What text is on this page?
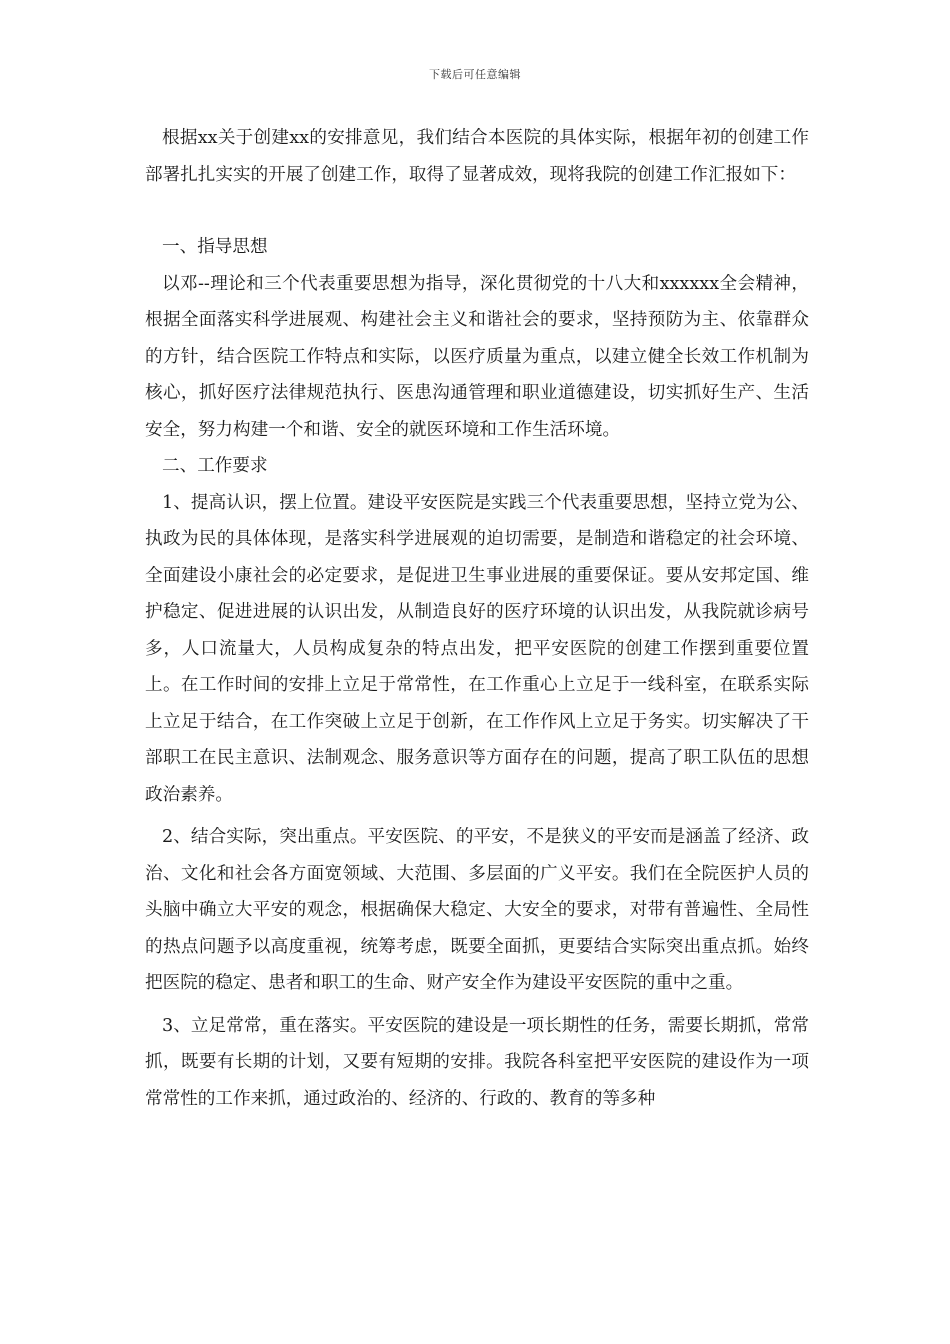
下载后可任意编辑

根据xx关于创建xx的安排意见，我们结合本医院的具体实际，根据年初的创建工作部署扎扎实实的开展了创建工作，取得了显著成效，现将我院的创建工作汇报如下：

一、指导思想

以邓--理论和三个代表重要思想为指导，深化贯彻党的十八大和xxxxxx全会精神，根据全面落实科学进展观、构建社会主义和谐社会的要求，坚持预防为主、依靠群众的方针，结合医院工作特点和实际，以医疗质量为重点，以建立健全长效工作机制为核心，抓好医疗法律规范执行、医患沟通管理和职业道德建设，切实抓好生产、生活安全，努力构建一个和谐、安全的就医环境和工作生活环境。

二、工作要求

1、提高认识，摆上位置。建设平安医院是实践三个代表重要思想，坚持立党为公、执政为民的具体体现，是落实科学进展观的迫切需要，是制造和谐稳定的社会环境、全面建设小康社会的必定要求，是促进卫生事业进展的重要保证。要从安邦定国、维护稳定、促进进展的认识出发，从制造良好的医疗环境的认识出发，从我院就诊病号多，人口流量大，人员构成复杂的特点出发，把平安医院的创建工作摆到重要位置上。在工作时间的安排上立足于常常性，在工作重心上立足于一线科室，在联系实际上立足于结合，在工作突破上立足于创新，在工作作风上立足于务实。切实解决了干部职工在民主意识、法制观念、服务意识等方面存在的问题，提高了职工队伍的思想政治素养。

2、结合实际，突出重点。平安医院、的平安，不是狭义的平安而是涵盖了经济、政治、文化和社会各方面宽领域、大范围、多层面的广义平安。我们在全院医护人员的头脑中确立大平安的观念，根据确保大稳定、大安全的要求，对带有普遍性、全局性的热点问题予以高度重视，统筹考虑，既要全面抓，更要结合实际突出重点抓。始终把医院的稳定、患者和职工的生命、财产安全作为建设平安医院的重中之重。

3、立足常常，重在落实。平安医院的建设是一项长期性的任务，需要长期抓，常常抓，既要有长期的计划，又要有短期的安排。我院各科室把平安医院的建设作为一项常常性的工作来抓，通过政治的、经济的、行政的、教育的等多种
